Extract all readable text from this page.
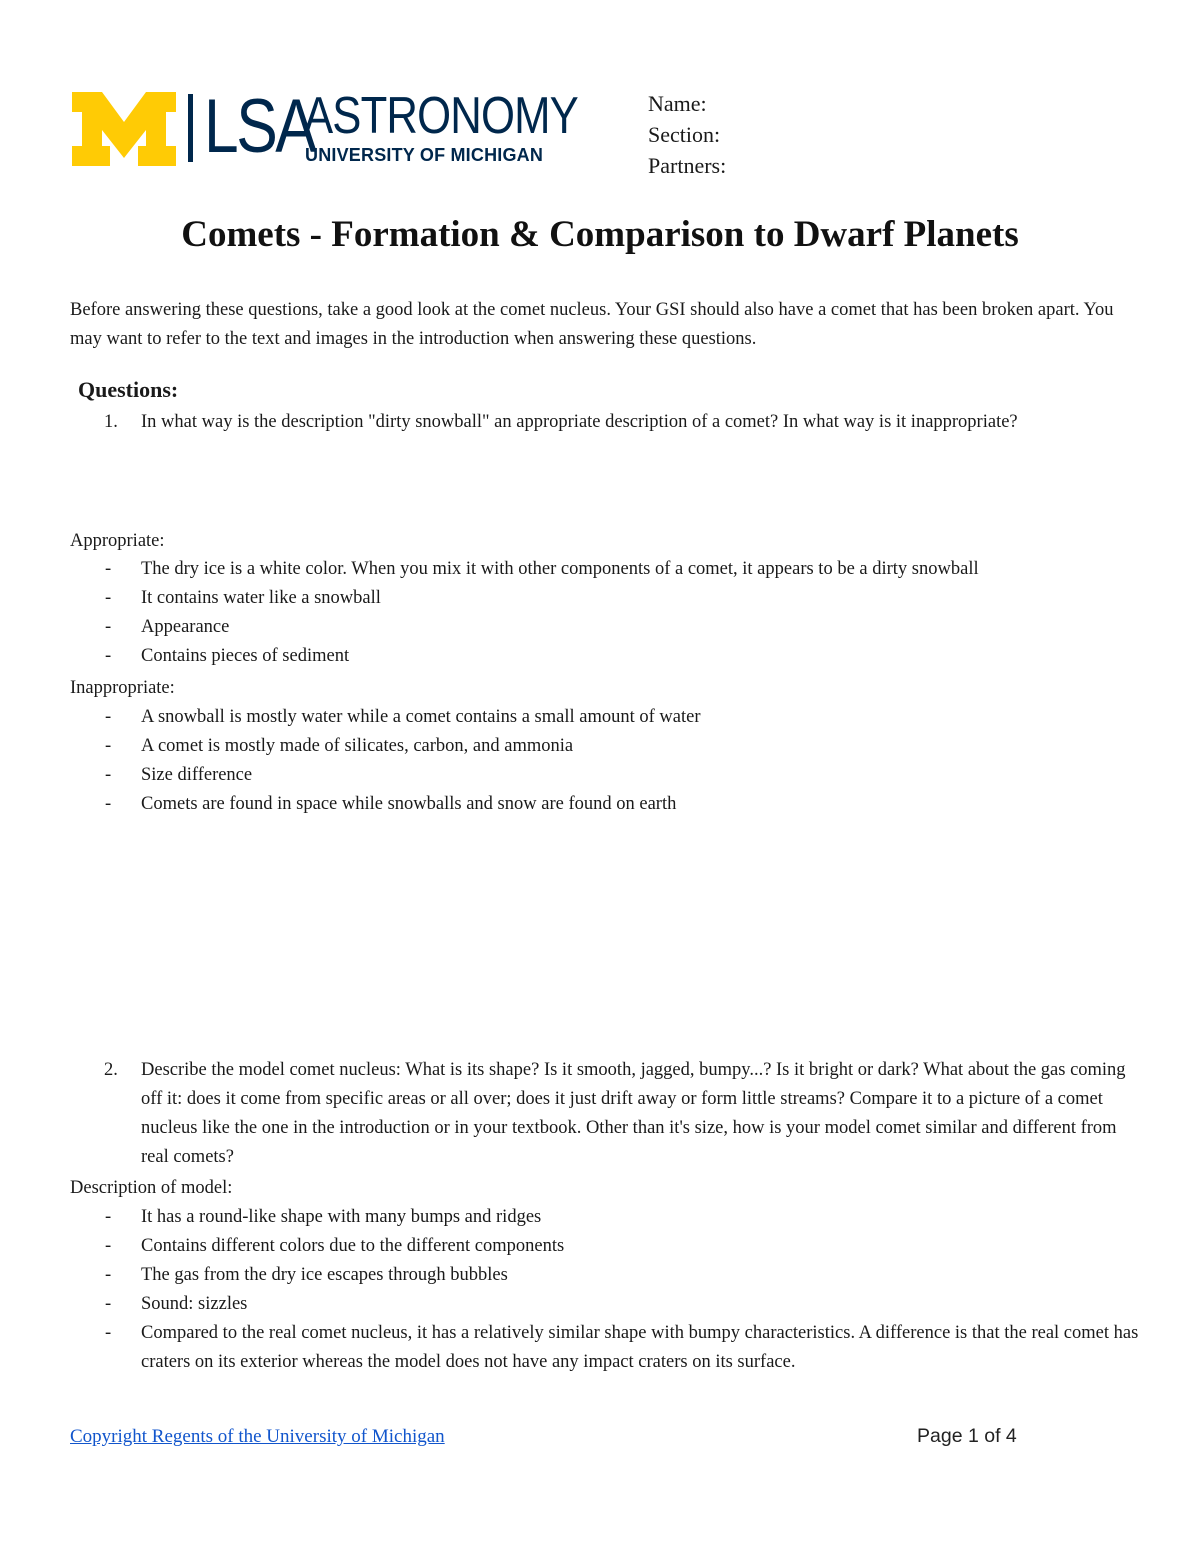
LSA
ASTRONOMY
UNIVERSITY OF MICHIGAN
Name:
Section:
Partners:
Comets - Formation & Comparison to Dwarf Planets
Before answering these questions, take a good look at the comet nucleus. Your GSI should also have a comet that has been broken apart. You may want to refer to the text and images in the introduction when answering these questions.
Questions:
1. In what way is the description "dirty snowball" an appropriate description of a comet? In what way is it inappropriate?
Appropriate:
- The dry ice is a white color. When you mix it with other components of a comet, it appears to be a dirty snowball
- It contains water like a snowball
- Appearance
- Contains pieces of sediment
Inappropriate:
- A snowball is mostly water while a comet contains a small amount of water
- A comet is mostly made of silicates, carbon, and ammonia
- Size difference
- Comets are found in space while snowballs and snow are found on earth
2. Describe the model comet nucleus: What is its shape? Is it smooth, jagged, bumpy...? Is it bright or dark? What about the gas coming off it: does it come from specific areas or all over; does it just drift away or form little streams? Compare it to a picture of a comet nucleus like the one in the introduction or in your textbook. Other than it's size, how is your model comet similar and different from real comets?
Description of model:
- It has a round-like shape with many bumps and ridges
- Contains different colors due to the different components
- The gas from the dry ice escapes through bubbles
- Sound: sizzles
- Compared to the real comet nucleus, it has a relatively similar shape with bumpy characteristics. A difference is that the real comet has craters on its exterior whereas the model does not have any impact craters on its surface.
Copyright Regents of the University of Michigan	Page 1 of 4
